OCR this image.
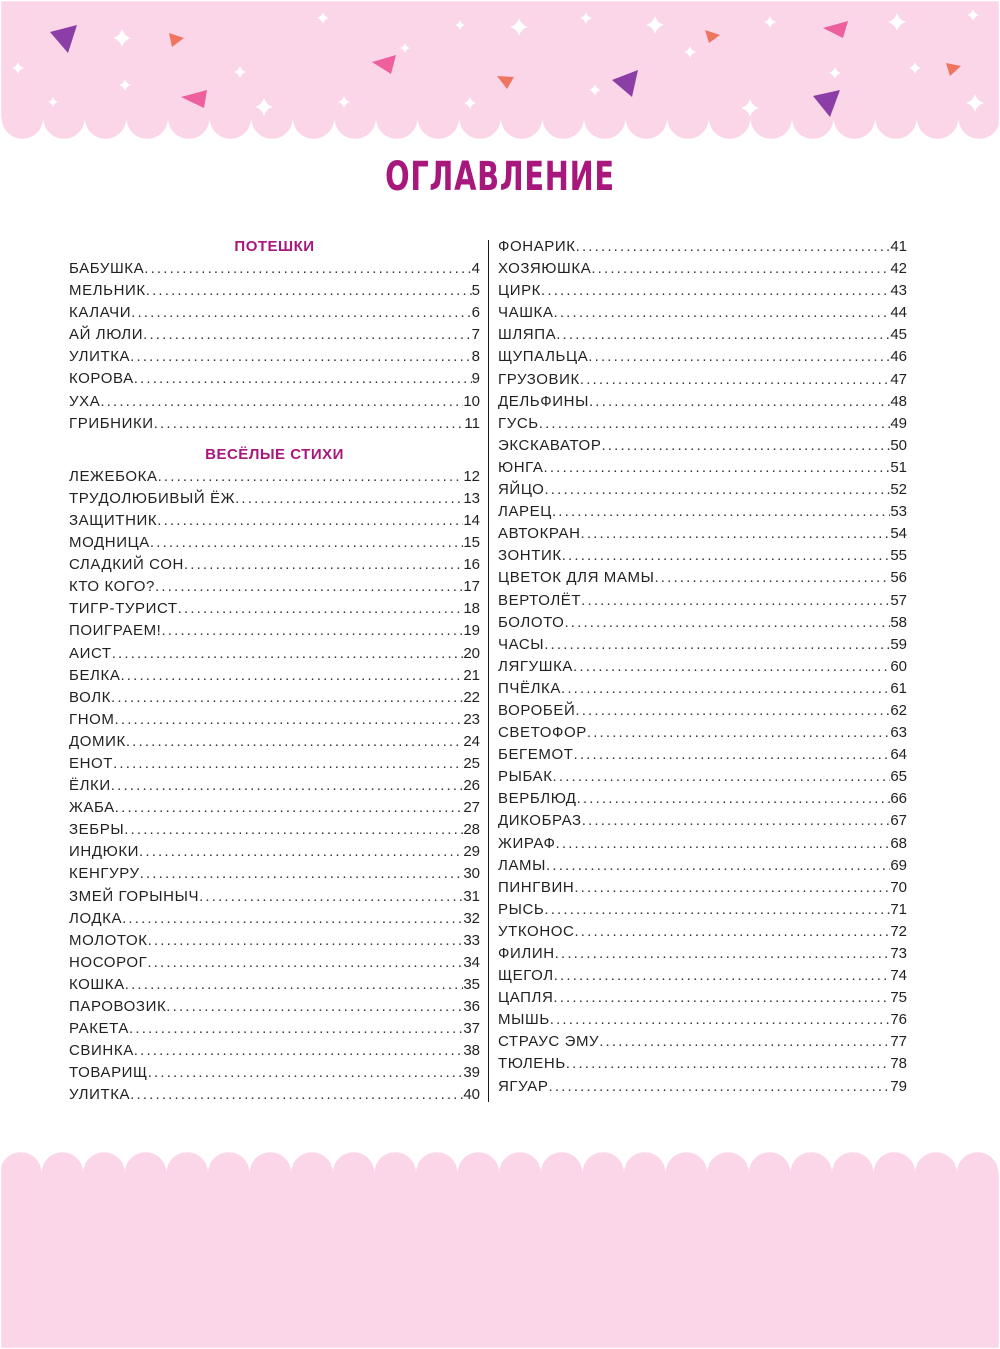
ОГЛАВЛЕНИЕ
ПОТЕШКИ
БАБУШКА . . .	4
МЕЛЬНИК . . .	5
КАЛАЧИ . . .	6
АЙ ЛЮЛИ . . .	7
УЛИТКА . . .	8
КОРОВА . . .	9
УХА . . .	10
ГРИБНИКИ . . .	11
ВЕСЁЛЫЕ СТИХИ
ЛЕЖЕБОКА . . .	12
ТРУДОЛЮБИВЫЙ ЁЖ . . .	13
ЗАЩИТНИК . . .	14
МОДНИЦА . . .	15
СЛАДКИЙ СОН . . .	16
КТО КОГО? . . .	17
ТИГР-ТУРИСТ . . .	18
ПОИГРАЕМ! . . .	19
АИСТ . . .	20
БЕЛКА . . .	21
ВОЛК . . .	22
ГНОМ . . .	23
ДОМИК . . .	24
ЕНОТ . . .	25
ЁЛКИ . . .	26
ЖАБА . . .	27
ЗЕБРЫ . . .	28
ИНДЮКИ . . .	29
КЕНГУРУ . . .	30
ЗМЕЙ ГОРЫНЫЧ . . .	31
ЛОДКА . . .	32
МОЛОТОК . . .	33
НОСОРОГ . . .	34
КОШКА . . .	35
ПАРОВОЗИК . . .	36
РАКЕТА . . .	37
СВИНКА . . .	38
ТОВАРИЩ . . .	39
УЛИТКА . . .	40
ФОНАРИК . . .	41
ХОЗЯЮШКА . . .	42
ЦИРК . . .	43
ЧАШКА . . .	44
ШЛЯПА . . .	45
ЩУПАЛЬЦА . . .	46
ГРУЗОВИК . . .	47
ДЕЛЬФИНЫ . . .	48
ГУСЬ . . .	49
ЭКСКАВАТОР . . .	50
ЮНГА . . .	51
ЯЙЦО . . .	52
ЛАРЕЦ . . .	53
АВТОКРАН . . .	54
ЗОНТИК . . .	55
ЦВЕТОК ДЛЯ МАМЫ . . .	56
ВЕРТОЛЁТ . . .	57
БОЛОТО . . .	58
ЧАСЫ . . .	59
ЛЯГУШКА . . .	60
ПЧЁЛКА . . .	61
ВОРОБЕЙ . . .	62
СВЕТОФОР . . .	63
БЕГЕМОТ . . .	64
РЫБАК . . .	65
ВЕРБЛЮД . . .	66
ДИКОБРАЗ . . .	67
ЖИРАФ . . .	68
ЛАМЫ . . .	69
ПИНГВИН . . .	70
РЫСЬ . . .	71
УТКОНОС . . .	72
ФИЛИН . . .	73
ЩЕГОЛ . . .	74
ЦАПЛЯ . . .	75
МЫШЬ . . .	76
СТРАУС ЭМУ . . .	77
ТЮЛЕНЬ . . .	78
ЯГУАР . . .	79
